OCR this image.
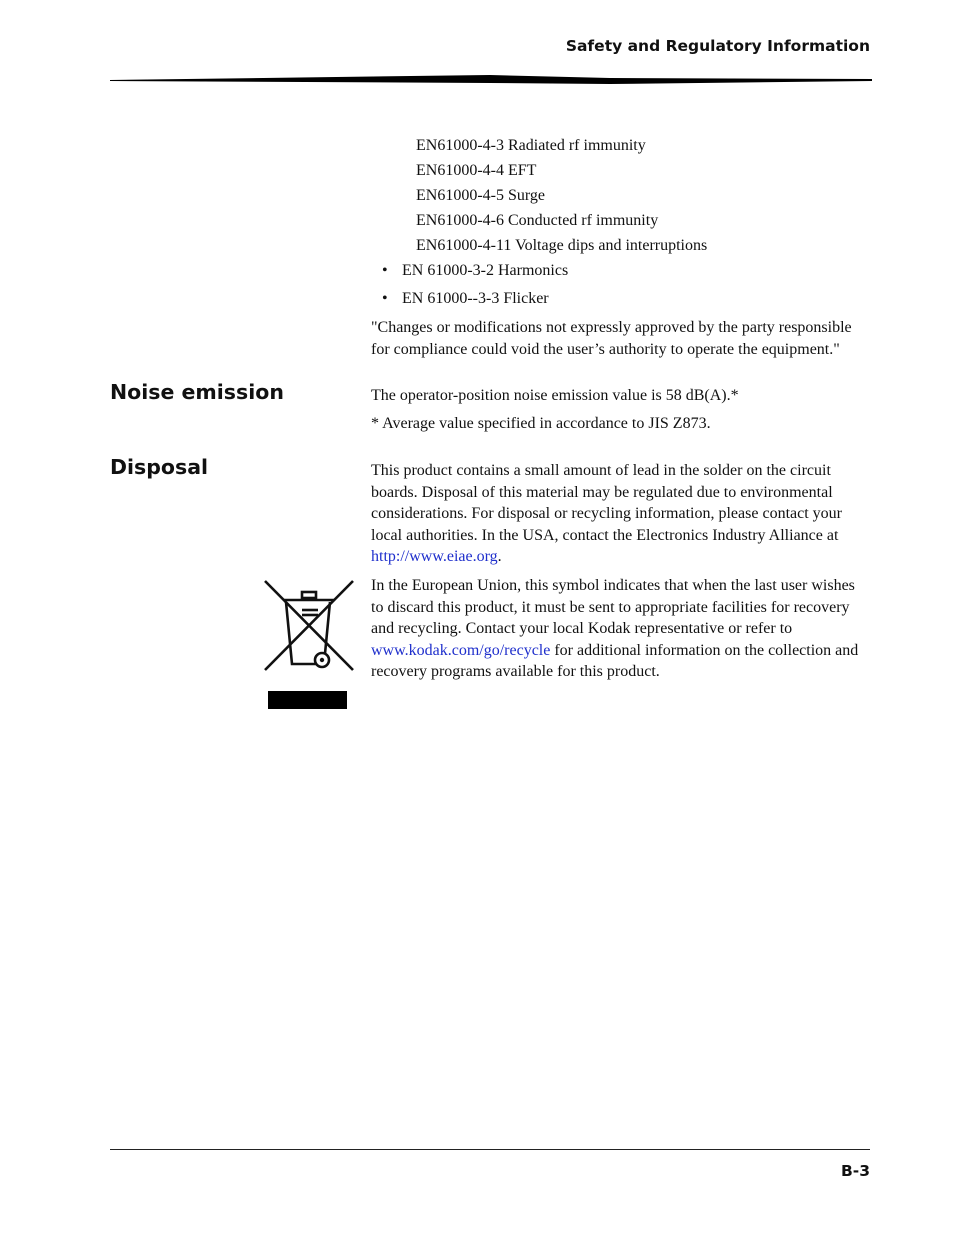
Safety and Regulatory Information
EN61000-4-3 Radiated rf immunity
EN61000-4-4 EFT
EN61000-4-5 Surge
EN61000-4-6 Conducted rf immunity
EN61000-4-11 Voltage dips and interruptions
• EN 61000-3-2 Harmonics
• EN 61000--3-3 Flicker
"Changes or modifications not expressly approved by the party responsible for compliance could void the user’s authority to operate the equipment."
Noise emission	The operator-position noise emission value is 58 dB(A).*
* Average value specified in accordance to JIS Z873.
Disposal	This product contains a small amount of lead in the solder on the circuit boards. Disposal of this material may be regulated due to environmental considerations. For disposal or recycling information, please contact your local authorities. In the USA, contact the Electronics Industry Alliance at http://www.eiae.org.
In the European Union, this symbol indicates that when the last user wishes to discard this product, it must be sent to appropriate facilities for recovery and recycling. Contact your local Kodak representative or refer to www.kodak.com/go/recycle for additional information on the collection and recovery programs available for this product.
B-3
